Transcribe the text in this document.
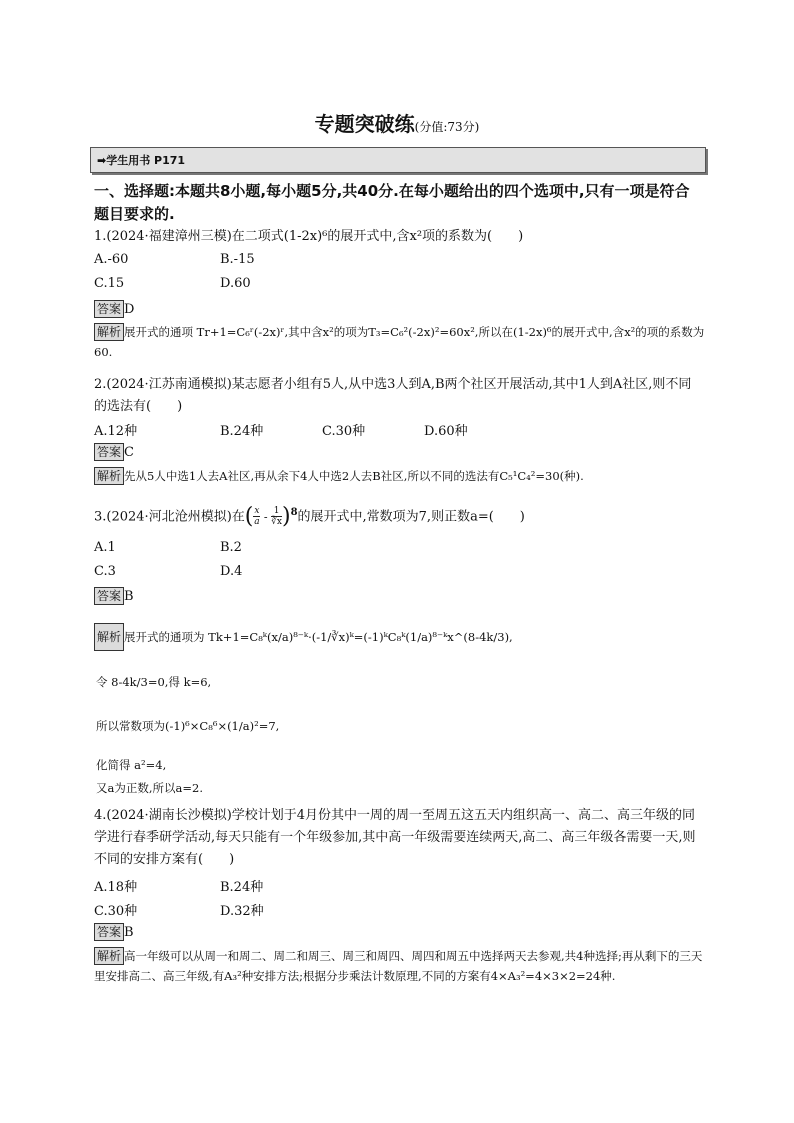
专题突破练(分值:73分)
➡学生用书 P171
一、选择题:本题共8小题,每小题5分,共40分.在每小题给出的四个选项中,只有一项是符合题目要求的.
1.(2024·福建漳州三模)在二项式(1-2x)⁶的展开式中,含x²项的系数为(　　)
A.-60	B.-15
C.15	D.60
答案 D
解析 展开式的通项 Tr+1=C₆ʳ(-2x)ʳ,其中含x²的项为T₃=C₆²(-2x)²=60x²,所以在(1-2x)⁶的展开式中,含x²的项的系数为60.
2.(2024·江苏南通模拟)某志愿者小组有5人,从中选3人到A,B两个社区开展活动,其中1人到A社区,则不同的选法有(　　)
A.12种	B.24种	C.30种	D.60种
答案 C
解析 先从5人中选1人去A社区,再从余下4人中选2人去B社区,所以不同的选法有C₅¹C₄²=30(种).
3.(2024·河北沧州模拟)在( $\frac{x}{a} - \frac{1}{∛x} )^8$的展开式中,常数项为7,则正数a=(　　)
A.1	B.2
C.3	D.4
答案 B
解析 展开式的通项为 Tk+1=C₈ᵏ(x/a)⁸⁻ᵏ·(-1/∛x)ᵏ=(-1)ᵏC₈ᵏ(1/a)⁸⁻ᵏx^(8-4k/3),
令 8-4k/3=0,得 k=6,
所以常数项为(-1)⁶×C₈⁶×(1/a)²=7,
化简得 a²=4,
又a为正数,所以a=2.
4.(2024·湖南长沙模拟)学校计划于4月份其中一周的周一至周五这五天内组织高一、高二、高三年级的同学进行春季研学活动,每天只能有一个年级参加,其中高一年级需要连续两天,高二、高三年级各需要一天,则不同的安排方案有(　　)
A.18种	B.24种
C.30种	D.32种
答案 B
解析 高一年级可以从周一和周二、周二和周三、周三和周四、周四和周五中选择两天去参观,共4种选择;再从剩下的三天里安排高二、高三年级,有A₃²种安排方法;根据分步乘法计数原理,不同的方案有4×A₃²=4×3×2=24种.
